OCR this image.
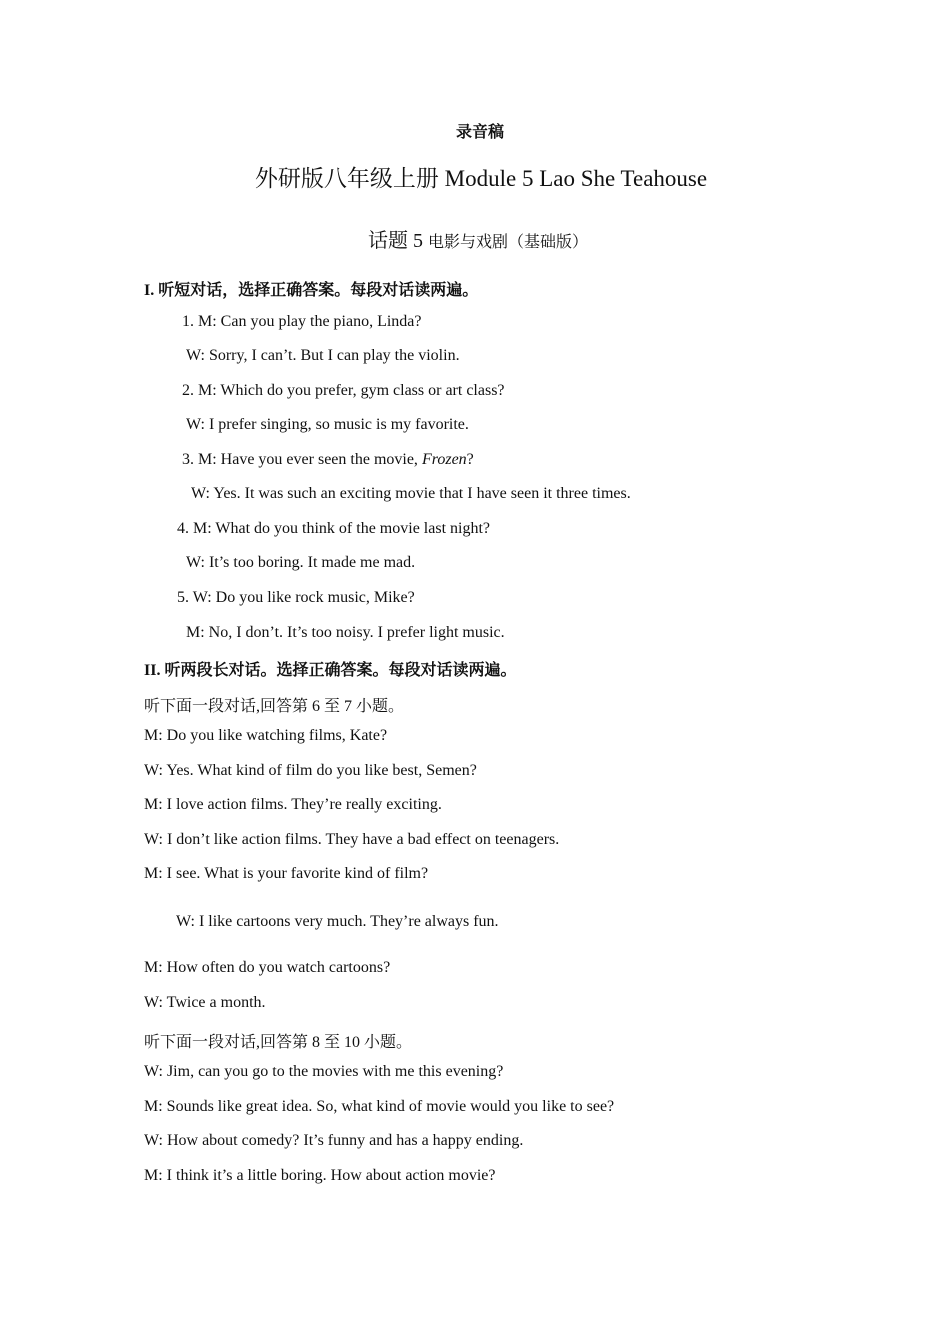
录音稿
外研版八年级上册 Module 5 Lao She Teahouse
话题 5 电影与戏剧（基础版）
I. 听短对话，选择正确答案。每段对话读两遍。
1. M: Can you play the piano, Linda?
W: Sorry, I can’t. But I can play the violin.
2. M: Which do you prefer, gym class or art class?
W: I prefer singing, so music is my favorite.
3. M: Have you ever seen the movie, Frozen?
W: Yes. It was such an exciting movie that I have seen it three times.
4. M: What do you think of the movie last night?
W: It’s too boring. It made me mad.
5. W: Do you like rock music, Mike?
M: No, I don’t. It’s too noisy. I prefer light music.
II. 听两段长对话。选择正确答案。每段对话读两遍。
听下面一段对话,回答第 6 至 7 小题。
M: Do you like watching films, Kate?
W: Yes. What kind of film do you like best, Semen?
M: I love action films. They’re really exciting.
W: I don’t like action films. They have a bad effect on teenagers.
M: I see. What is your favorite kind of film?
W: I like cartoons very much. They’re always fun.
M: How often do you watch cartoons?
W: Twice a month.
听下面一段对话,回答第 8 至 10 小题。
W: Jim, can you go to the movies with me this evening?
M: Sounds like great idea. So, what kind of movie would you like to see?
W: How about comedy? It’s funny and has a happy ending.
M: I think it’s a little boring. How about action movie?
